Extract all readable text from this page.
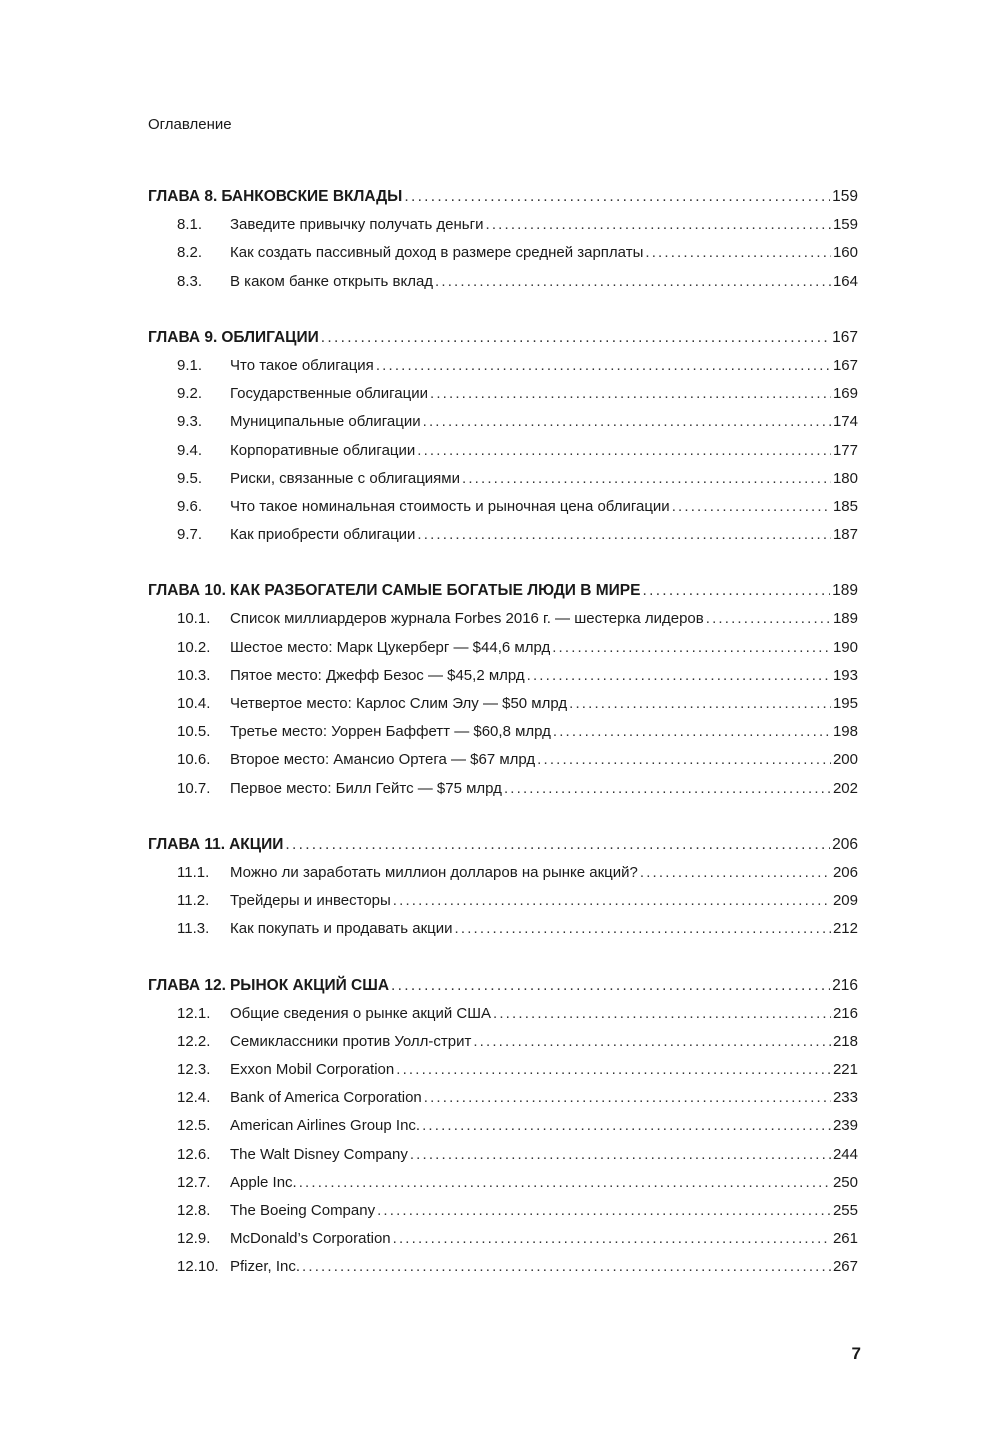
Оглавление
ГЛАВА 8. БАНКОВСКИЕ ВКЛАДЫ . . .	159
8.1.	Заведите привычку получать деньги . . .	159
8.2.	Как создать пассивный доход в размере средней зарплаты . . .	160
8.3.	В каком банке открыть вклад . . .	164
ГЛАВА 9. ОБЛИГАЦИИ . . .	167
9.1.	Что такое облигация . . .	167
9.2.	Государственные облигации . . .	169
9.3.	Муниципальные облигации . . .	174
9.4.	Корпоративные облигации . . .	177
9.5.	Риски, связанные с облигациями . . .	180
9.6.	Что такое номинальная стоимость и рыночная цена облигации . . .	185
9.7.	Как приобрести облигации . . .	187
ГЛАВА 10. КАК РАЗБОГАТЕЛИ САМЫЕ БОГАТЫЕ ЛЮДИ В МИРЕ . . .	189
10.1.	Список миллиардеров журнала Forbes 2016 г. — шестерка лидеров . . .	189
10.2.	Шестое место: Марк Цукерберг — $44,6 млрд . . .	190
10.3.	Пятое место: Джефф Безос — $45,2 млрд . . .	193
10.4.	Четвертое место: Карлос Слим Элу — $50 млрд . . .	195
10.5.	Третье место: Уоррен Баффетт — $60,8 млрд . . .	198
10.6.	Второе место: Амансио Ортега — $67 млрд . . .	200
10.7.	Первое место: Билл Гейтс — $75 млрд . . .	202
ГЛАВА 11. АКЦИИ . . .	206
11.1.	Можно ли заработать миллион долларов на рынке акций? . . .	206
11.2.	Трейдеры и инвесторы . . .	209
11.3.	Как покупать и продавать акции . . .	212
ГЛАВА 12. РЫНОК АКЦИЙ США . . .	216
12.1.	Общие сведения о рынке акций США . . .	216
12.2.	Семиклассники против Уолл-стрит . . .	218
12.3.	Exxon Mobil Corporation . . .	221
12.4.	Bank of America Corporation . . .	233
12.5.	American Airlines Group Inc. . . .	239
12.6.	The Walt Disney Company . . .	244
12.7.	Apple Inc. . . .	250
12.8.	The Boeing Company . . .	255
12.9.	McDonald’s Corporation . . .	261
12.10. Pfizer, Inc. . . .	267
7
